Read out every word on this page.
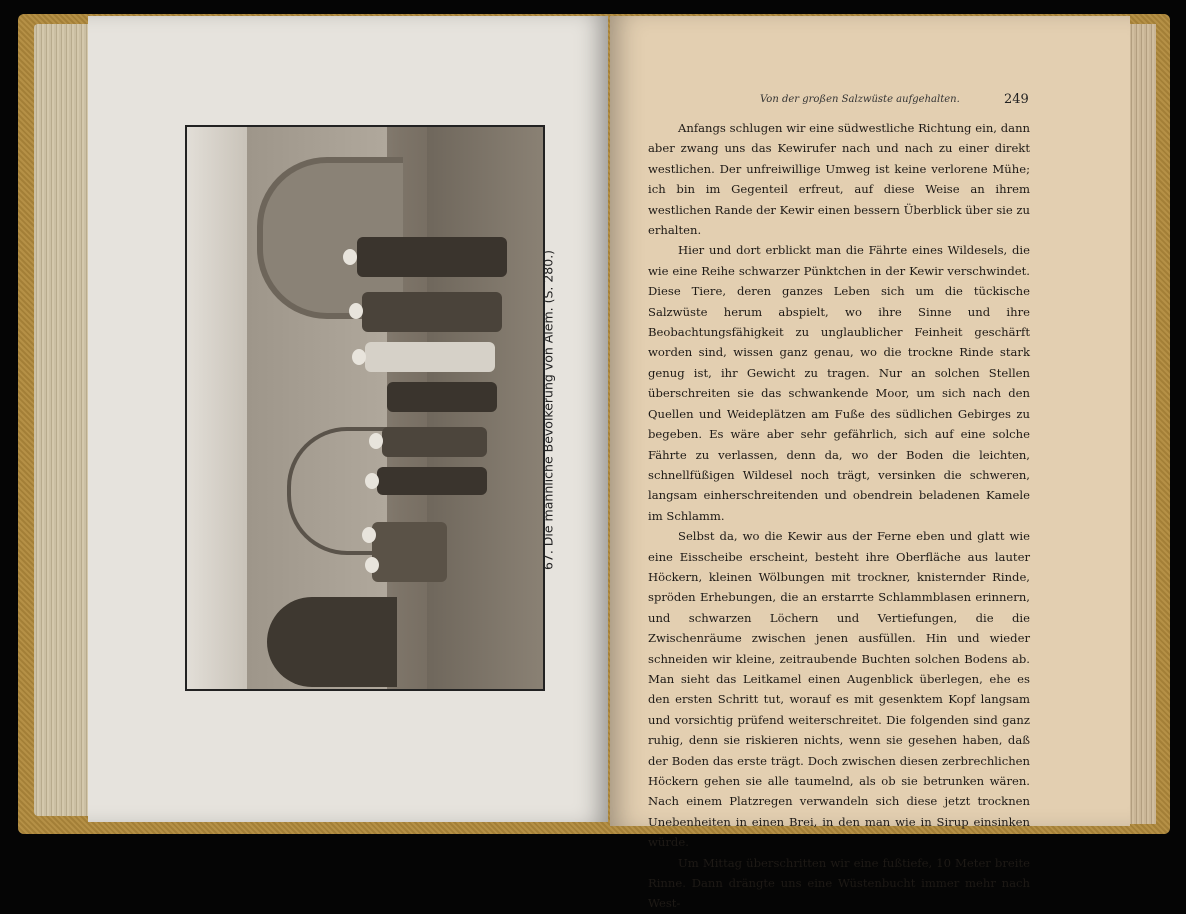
67. Die männliche Bevölkerung von Alem. (S. 280.)
Von der großen Salzwüste aufgehalten.	249

Anfangs schlugen wir eine südwestliche Richtung ein, dann aber zwang uns das Kewirufer nach und nach zu einer direkt westlichen. Der unfreiwillige Umweg ist keine verlorene Mühe; ich bin im Gegenteil erfreut, auf diese Weise an ihrem westlichen Rande der Kewir einen bessern Überblick über sie zu erhalten.

Hier und dort erblickt man die Fährte eines Wildesels, die wie eine Reihe schwarzer Pünktchen in der Kewir verschwindet. Diese Tiere, deren ganzes Leben sich um die tückische Salzwüste herum abspielt, wo ihre Sinne und ihre Beobachtungsfähigkeit zu unglaublicher Feinheit geschärft worden sind, wissen ganz genau, wo die trockne Rinde stark genug ist, ihr Gewicht zu tragen. Nur an solchen Stellen überschreiten sie das schwankende Moor, um sich nach den Quellen und Weideplätzen am Fuße des südlichen Gebirges zu begeben. Es wäre aber sehr gefährlich, sich auf eine solche Fährte zu verlassen, denn da, wo der Boden die leichten, schnellfüßigen Wildesel noch trägt, versinken die schweren, langsam einherschreitenden und obendrein beladenen Kamele im Schlamm.

Selbst da, wo die Kewir aus der Ferne eben und glatt wie eine Eisscheibe erscheint, besteht ihre Oberfläche aus lauter Höckern, kleinen Wölbungen mit trockner, knisternder Rinde, spröden Erhebungen, die an erstarrte Schlammblasen erinnern, und schwarzen Löchern und Vertiefungen, die die Zwischenräume zwischen jenen ausfüllen. Hin und wieder schneiden wir kleine, zeitraubende Buchten solchen Bodens ab. Man sieht das Leitkamel einen Augenblick überlegen, ehe es den ersten Schritt tut, worauf es mit gesenktem Kopf langsam und vorsichtig prüfend weiterschreitet. Die folgenden sind ganz ruhig, denn sie riskieren nichts, wenn sie gesehen haben, daß der Boden das erste trägt. Doch zwischen diesen zerbrechlichen Höckern gehen sie alle taumelnd, als ob sie betrunken wären. Nach einem Platzregen verwandeln sich diese jetzt trocknen Unebenheiten in einen Brei, in den man wie in Sirup einsinken würde.

Um Mittag überschritten wir eine fußtiefe, 10 Meter breite Rinne. Dann drängte uns eine Wüstenbucht immer mehr nach West-
